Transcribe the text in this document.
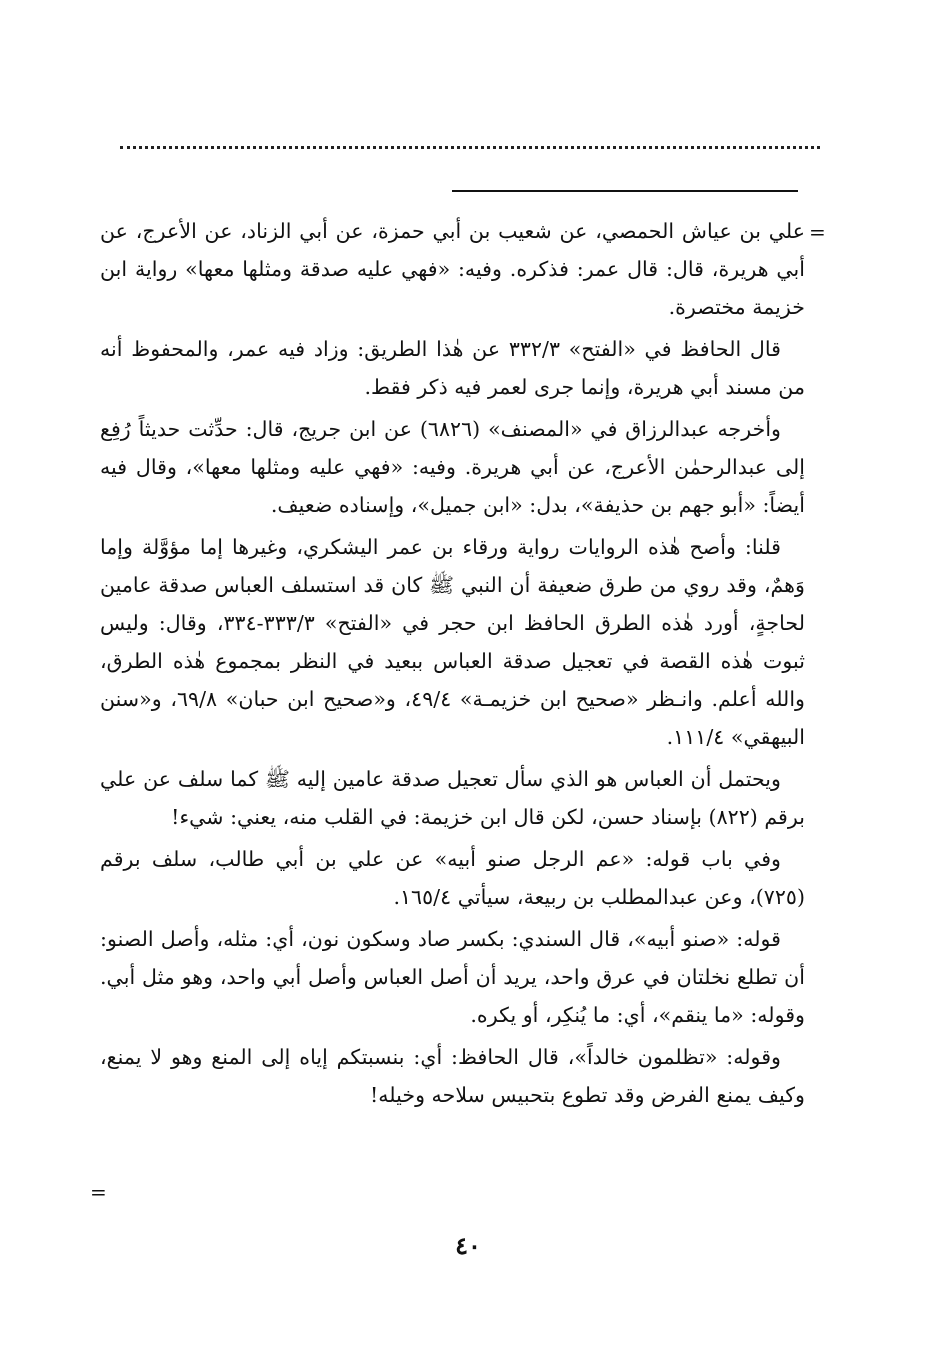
=

علي بن عياش الحمصي، عن شعيب بن أبي حمزة، عن أبي الزناد، عن الأعرج، عن أبي هريرة، قال: قال عمر: فذكره. وفيه: «فهي عليه صدقة ومثلها معها» رواية ابن خزيمة مختصرة.

قال الحافظ في «الفتح» ٣٣٢/٣ عن هٰذا الطريق: وزاد فيه عمر، والمحفوظ أنه من مسند أبي هريرة، وإنما جرى لعمر فيه ذكر فقط.

وأخرجه عبدالرزاق في «المصنف» (٦٨٢٦) عن ابن جريج، قال: حدِّثت حديثاً رُفِع إلى عبدالرحمٰن الأعرج، عن أبي هريرة. وفيه: «فهي عليه ومثلها معها»، وقال فيه أيضاً: «أبو جهم بن حذيفة»، بدل: «ابن جميل»، وإسناده ضعيف.

قلنا: وأصح هٰذه الروايات رواية ورقاء بن عمر اليشكري، وغيرها إما مؤوَّلة وإما وَهمٌ، وقد روي من طرق ضعيفة أن النبي ﷺ كان قد استسلف العباس صدقة عامين لحاجةٍ، أورد هٰذه الطرق الحافظ ابن حجر في «الفتح» ٣٣٣/٣-٣٣٤، وقال: وليس ثبوت هٰذه القصة في تعجيل صدقة العباس ببعيد في النظر بمجموع هٰذه الطرق، والله أعلم. وانـظر «صحيح ابن خزيمـة» ٤٩/٤، و«صحيح ابن حبان» ٦٩/٨، و«سنن البيهقي» ١١١/٤.

ويحتمل أن العباس هو الذي سأل تعجيل صدقة عامين إليه ﷺ كما سلف عن علي برقم (٨٢٢) بإسناد حسن، لكن قال ابن خزيمة: في القلب منه، يعني: شيء!

وفي باب قوله: «عم الرجل صنو أبيه» عن علي بن أبي طالب، سلف برقم (٧٢٥)، وعن عبدالمطلب بن ربيعة، سيأتي ١٦٥/٤.

قوله: «صنو أبيه»، قال السندي: بكسر صاد وسكون نون، أي: مثله، وأصل الصنو: أن تطلع نخلتان في عرق واحد، يريد أن أصل العباس وأصل أبي واحد، وهو مثل أبي. وقوله: «ما ينقم»، أي: ما يُنكِر، أو يكره.

وقوله: «تظلمون خالداً»، قال الحافظ: أي: بنسبتكم إياه إلى المنع وهو لا يمنع، وكيف يمنع الفرض وقد تطوع بتحبيس سلاحه وخيله!

=
٤٠
